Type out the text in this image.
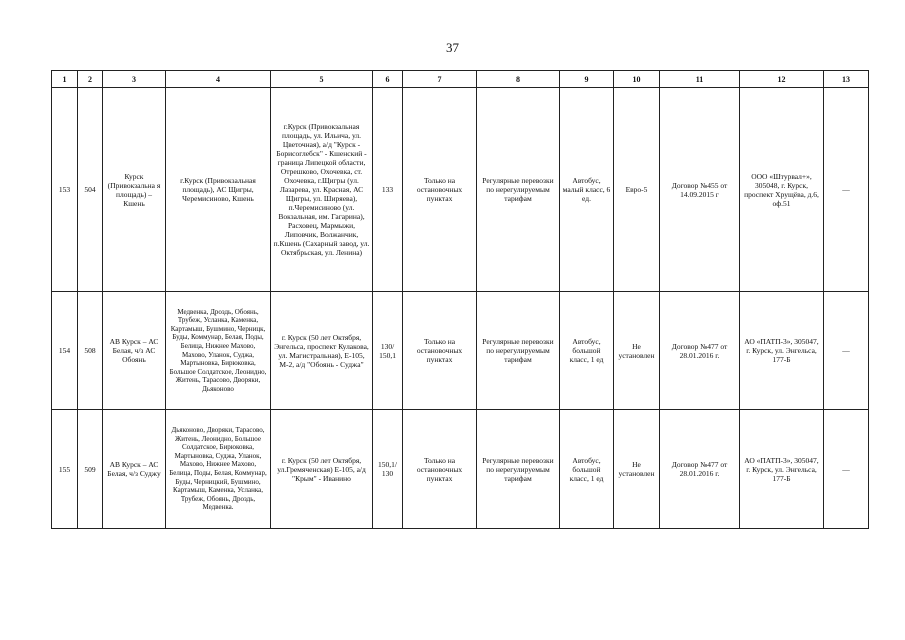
37
1	2	3	4	5	6	7	8	9	10	11	12	13
153	504	Курск (Привокзальна я площадь) – Кшень	г.Курск (Привокзальная площадь), АС Щигры, Черемисиново, Кшень	г.Курск (Привокзальная площадь, ул. Ильича, ул. Цветочная), а/д "Курск - Борисоглебск" - Кшенский - граница Липецкой области, Отрешково, Охочевка, ст. Охочевка, г.Щигры (ул. Лазарева, ул. Красная, АС Щигры, ул. Ширяева), п.Черемисиново (ул. Вокзальная, им. Гагарина), Расховец, Мармыжи, Липовчик, Волжанчик, п.Кшень (Сахарный завод, ул. Октябрьская, ул. Ленина)	133	Только на остановочных пунктах	Регулярные перевозки по нерегулируемым тарифам	Автобус, малый класс, 6 ед.	Евро-5	Договор №455 от 14.09.2015 г	ООО «Штурвал+», 305048, г. Курск, проспект Хрущёва, д.6, оф.51	—
154	508	АВ Курск – АС Белая, ч/з АС Обоянь	Медвенка, Дроздь, Обоянь, Трубеж, Усланка, Каменка, Картамыш, Бушмино, Черницк, Буды, Коммунар, Белая, Поды, Белица, Нижнее Махово, Махово, Уланок, Суджа, Мартыновка, Бирюковка, Большое Солдатское, Леонидно, Житень, Тарасово, Дворяки, Дьяконово	г. Курск (50 лет Октября, Энгельса, проспект Кулакова, ул. Магистральная), Е-105, М-2, а/д "Обоянь - Суджа"	130/ 150,1	Только на остановочных пунктах	Регулярные перевозки по нерегулируемым тарифам	Автобус, большой класс, 1 ед	Не установлен	Договор №477 от 28.01.2016 г.	АО «ПАТП-3», 305047, г. Курск, ул. Энгельса, 177-Б	—
155	509	АВ Курск – АС Белая, ч/з Суджу	Дьяконово, Дворяки, Тарасово, Житень, Леонидно, Большое Солдатское, Бирюковка, Мартыновка, Суджа, Уланок, Махово, Нижнее Махово, Белица, Поды, Белая, Коммунар, Буды, Черницкий, Бушмино, Картамыш, Каменка, Усланка, Трубеж, Обоянь, Дроздь, Медвенка.	г. Курск (50 лет Октября, ул.Гремяченская) Е-105, а/д "Крым" - Иванино	150,1/ 130	Только на остановочных пунктах	Регулярные перевозки по нерегулируемым тарифам	Автобус, большой класс, 1 ед	Не установлен	Договор №477 от 28.01.2016 г.	АО «ПАТП-3», 305047, г. Курск, ул. Энгельса, 177-Б	—
